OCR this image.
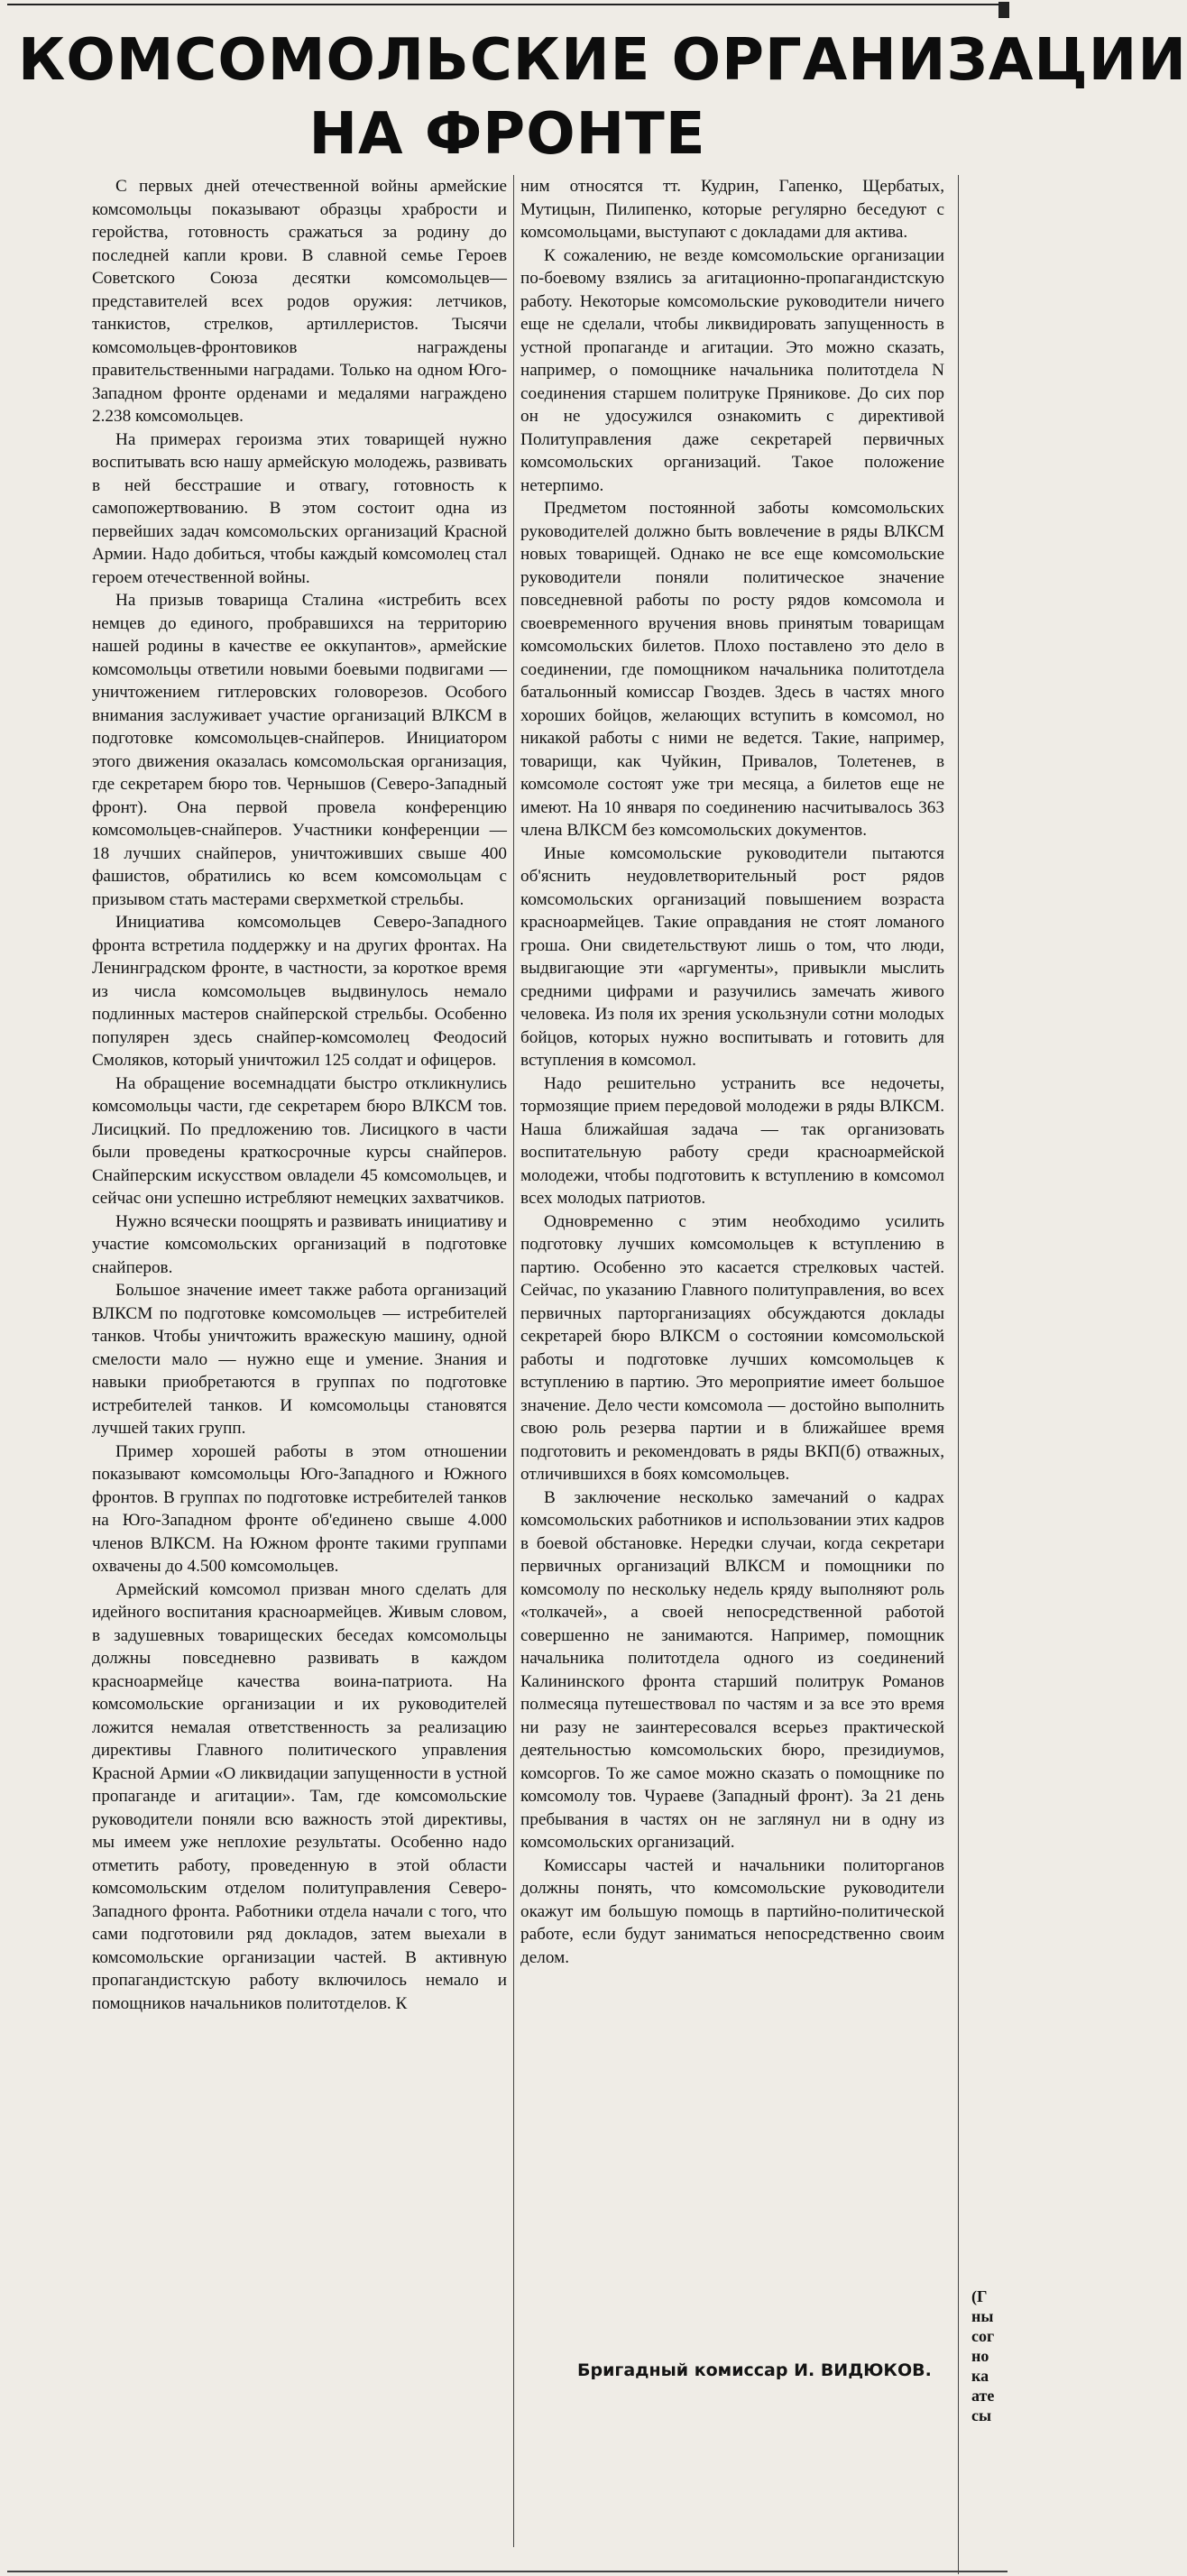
КОМСОМОЛЬСКИЕ ОРГАНИЗАЦИИ
НА ФРОНТЕ

С первых дней отечественной войны армейские комсомольцы показывают образцы храбрости и геройства, готовность сражаться за родину до последней капли крови. В славной семье Героев Советского Союза десятки комсомольцев—представителей всех родов оружия: летчиков, танкистов, стрелков, артиллеристов. Тысячи комсомольцев-фронтовиков награждены правительственными наградами. Только на одном Юго-Западном фронте орденами и медалями награждено 2.238 комсомольцев.

На примерах героизма этих товарищей нужно воспитывать всю нашу армейскую молодежь, развивать в ней бесстрашие и отвагу, готовность к самопожертвованию. В этом состоит одна из первейших задач комсомольских организаций Красной Армии. Надо добиться, чтобы каждый комсомолец стал героем отечественной войны.

На призыв товарища Сталина «истребить всех немцев до единого, пробравшихся на территорию нашей родины в качестве ее оккупантов», армейские комсомольцы ответили новыми боевыми подвигами — уничтожением гитлеровских головорезов. Особого внимания заслуживает участие организаций ВЛКСМ в подготовке комсомольцев-снайперов. Инициатором этого движения оказалась комсомольская организация, где секретарем бюро тов. Чернышов (Северо-Западный фронт). Она первой провела конференцию комсомольцев-снайперов. Участники конференции — 18 лучших снайперов, уничтоживших свыше 400 фашистов, обратились ко всем комсомольцам с призывом стать мастерами сверхметкой стрельбы.

Инициатива комсомольцев Северо-Западного фронта встретила поддержку и на других фронтах. На Ленинградском фронте, в частности, за короткое время из числа комсомольцев выдвинулось немало подлинных мастеров снайперской стрельбы. Особенно популярен здесь снайпер-комсомолец Феодосий Смоляков, который уничтожил 125 солдат и офицеров.

На обращение восемнадцати быстро откликнулись комсомольцы части, где секретарем бюро ВЛКСМ тов. Лисицкий. По предложению тов. Лисицкого в части были проведены краткосрочные курсы снайперов. Снайперским искусством овладели 45 комсомольцев, и сейчас они успешно истребляют немецких захватчиков.

Нужно всячески поощрять и развивать инициативу и участие комсомольских организаций в подготовке снайперов.

Большое значение имеет также работа организаций ВЛКСМ по подготовке комсомольцев — истребителей танков. Чтобы уничтожить вражескую машину, одной смелости мало — нужно еще и умение. Знания и навыки приобретаются в группах по подготовке истребителей танков. И комсомольцы становятся лучшей таких групп.

Пример хорошей работы в этом отношении показывают комсомольцы Юго-Западного и Южного фронтов. В группах по подготовке истребителей танков на Юго-Западном фронте об'единено свыше 4.000 членов ВЛКСМ. На Южном фронте такими группами охвачены до 4.500 комсомольцев.

Армейский комсомол призван много сделать для идейного воспитания красноармейцев. Живым словом, в задушевных товарищеских беседах комсомольцы должны повседневно развивать в каждом красноармейце качества воина-патриота. На комсомольские организации и их руководителей ложится немалая ответственность за реализацию директивы Главного политического управления Красной Армии «О ликвидации запущенности в устной пропаганде и агитации». Там, где комсомольские руководители поняли всю важность этой директивы, мы имеем уже неплохие результаты. Особенно надо отметить работу, проведенную в этой области комсомольским отделом политуправления Северо-Западного фронта. Работники отдела начали с того, что сами подготовили ряд докладов, затем выехали в комсомольские организации частей. В активную пропагандистскую работу включилось немало и помощников начальников политотделов. К

ним относятся тт. Кудрин, Гапенко, Щербатых, Мутицын, Пилипенко, которые регулярно беседуют с комсомольцами, выступают с докладами для актива.

К сожалению, не везде комсомольские организации по-боевому взялись за агитационно-пропагандистскую работу. Некоторые комсомольские руководители ничего еще не сделали, чтобы ликвидировать запущенность в устной пропаганде и агитации. Это можно сказать, например, о помощнике начальника политотдела N соединения старшем политруке Пряникове. До сих пор он не удосужился ознакомить с директивой Политуправления даже секретарей первичных комсомольских организаций. Такое положение нетерпимо.

Предметом постоянной заботы комсомольских руководителей должно быть вовлечение в ряды ВЛКСМ новых товарищей. Однако не все еще комсомольские руководители поняли политическое значение повседневной работы по росту рядов комсомола и своевременного вручения вновь принятым товарищам комсомольских билетов. Плохо поставлено это дело в соединении, где помощником начальника политотдела батальонный комиссар Гвоздев. Здесь в частях много хороших бойцов, желающих вступить в комсомол, но никакой работы с ними не ведется. Такие, например, товарищи, как Чуйкин, Привалов, Толетенев, в комсомоле состоят уже три месяца, а билетов еще не имеют. На 10 января по соединению насчитывалось 363 члена ВЛКСМ без комсомольских документов.

Иные комсомольские руководители пытаются об'яснить неудовлетворительный рост рядов комсомольских организаций повышением возраста красноармейцев. Такие оправдания не стоят ломаного гроша. Они свидетельствуют лишь о том, что люди, выдвигающие эти «аргументы», привыкли мыслить средними цифрами и разучились замечать живого человека. Из поля их зрения ускользнули сотни молодых бойцов, которых нужно воспитывать и готовить для вступления в комсомол.

Надо решительно устранить все недочеты, тормозящие прием передовой молодежи в ряды ВЛКСМ. Наша ближайшая задача — так организовать воспитательную работу среди красноармейской молодежи, чтобы подготовить к вступлению в комсомол всех молодых патриотов.

Одновременно с этим необходимо усилить подготовку лучших комсомольцев к вступлению в партию. Особенно это касается стрелковых частей. Сейчас, по указанию Главного политуправления, во всех первичных парторганизациях обсуждаются доклады секретарей бюро ВЛКСМ о состоянии комсомольской работы и подготовке лучших комсомольцев к вступлению в партию. Это мероприятие имеет большое значение. Дело чести комсомола — достойно выполнить свою роль резерва партии и в ближайшее время подготовить и рекомендовать в ряды ВКП(б) отважных, отличившихся в боях комсомольцев.

В заключение несколько замечаний о кадрах комсомольских работников и использовании этих кадров в боевой обстановке. Нередки случаи, когда секретари первичных организаций ВЛКСМ и помощники по комсомолу по нескольку недель кряду выполняют роль «толкачей», а своей непосредственной работой совершенно не занимаются. Например, помощник начальника политотдела одного из соединений Калининского фронта старший политрук Романов полмесяца путешествовал по частям и за все это время ни разу не заинтересовался всерьез практической деятельностью комсомольских бюро, президиумов, комсоргов. То же самое можно сказать о помощнике по комсомолу тов. Чураеве (Западный фронт). За 21 день пребывания в частях он не заглянул ни в одну из комсомольских организаций.

Комиссары частей и начальники политорганов должны понять, что комсомольские руководители окажут им большую помощь в партийно-политической работе, если будут заниматься непосредственно своим делом.

Бригадный комиссар И. ВИДЮКОВ.
(Г
ны
сог
но
ка
ате
сы
